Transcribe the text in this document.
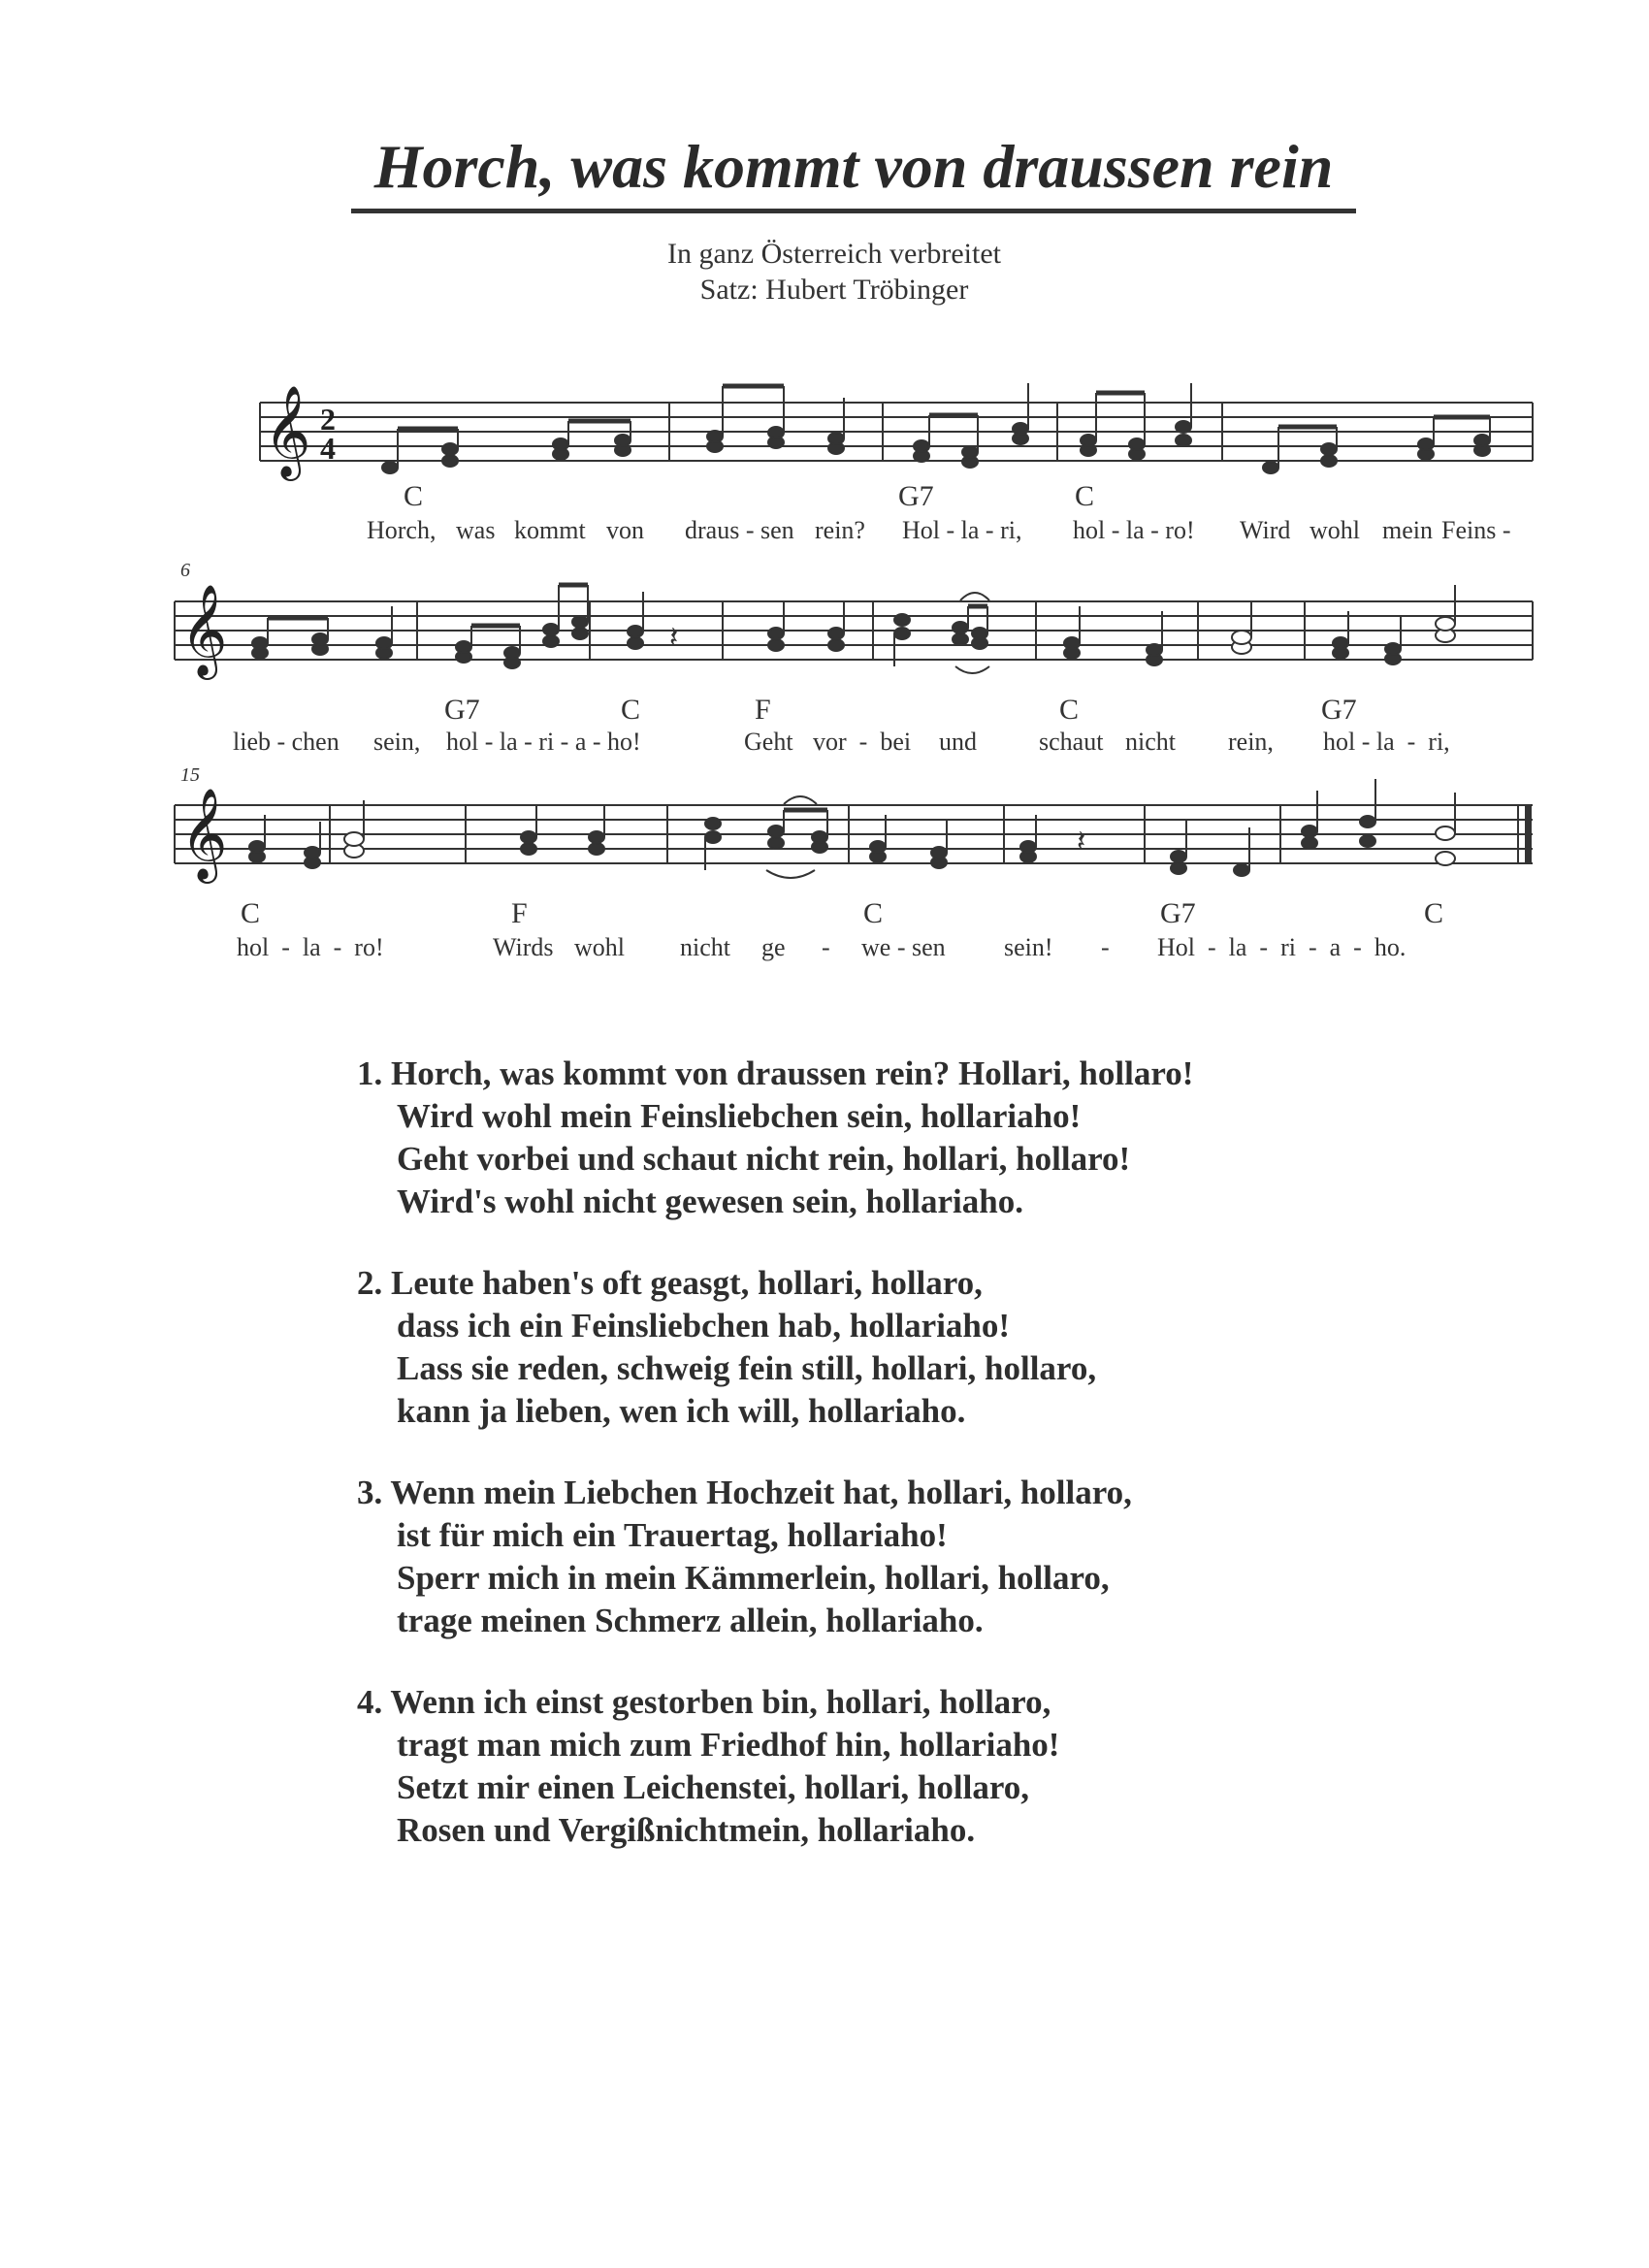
Horch, was kommt von draussen rein
In ganz Österreich verbreitet
Satz: Hubert Tröbinger
𝄞 2
4
C	G7	C
Horch, was kommt von draus - sen rein? Hol - la - ri, hol - la - ro! Wird wohl mein Feins -
6
𝄞	𝄽
G7	C	F	C	G7
lieb - chen sein, hol - la - ri - a - ho!	Geht vor  -  bei und schaut nicht rein, hol - la  -  ri,
15
𝄞	𝄽
C	F	C	G7	C
hol  -  la  -  ro!	Wirds wohl nicht ge - we - sen sein! - Hol  -  la  -  ri  -  a  -  ho.
1. Horch, was kommt von draussen rein? Hollari, hollaro!
Wird wohl mein Feinsliebchen sein, hollariaho!
Geht vorbei und schaut nicht rein, hollari, hollaro!
Wird's wohl nicht gewesen sein, hollariaho.
2. Leute haben's oft geasgt, hollari, hollaro,
dass ich ein Feinsliebchen hab, hollariaho!
Lass sie reden, schweig fein still, hollari, hollaro,
kann ja lieben, wen ich will, hollariaho.
3. Wenn mein Liebchen Hochzeit hat, hollari, hollaro,
ist für mich ein Trauertag, hollariaho!
Sperr mich in mein Kämmerlein, hollari, hollaro,
trage meinen Schmerz allein, hollariaho.
4. Wenn ich einst gestorben bin, hollari, hollaro,
tragt man mich zum Friedhof hin, hollariaho!
Setzt mir einen Leichenstei, hollari, hollaro,
Rosen und Vergißnichtmein, hollariaho.
